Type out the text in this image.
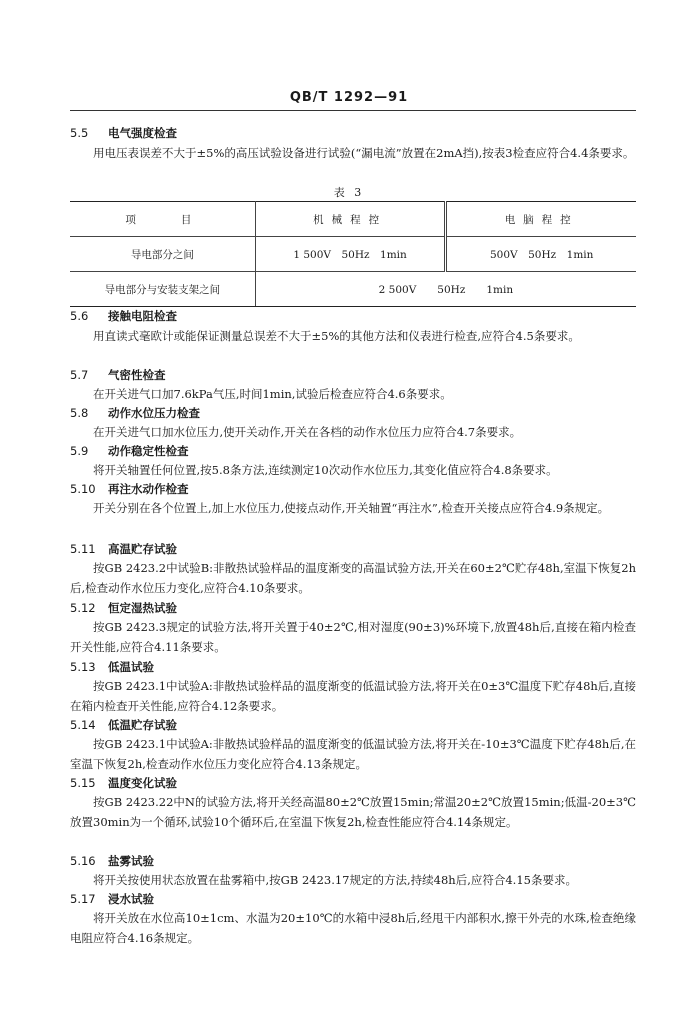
QB/T 1292—91
5.5 电气强度检查

用电压表误差不大于±5%的高压试验设备进行试验(“漏电流”放置在2mA挡),按表3检查应符合4.4条要求。

表 3
项　　目	机械程控	电脑程控
导电部分之间	1 500V　50Hz　1min	500V　50Hz　1min
导电部分与安装支架之间	2 500V　　50Hz　　1min	
5.6 接触电阻检查

用直读式毫欧计或能保证测量总误差不大于±5%的其他方法和仪表进行检查,应符合4.5条要求。

5.7 气密性检查

在开关进气口加7.6kPa气压,时间1min,试验后检查应符合4.6条要求。

5.8 动作水位压力检查

在开关进气口加水位压力,使开关动作,开关在各档的动作水位压力应符合4.7条要求。

5.9 动作稳定性检查

将开关轴置任何位置,按5.8条方法,连续测定10次动作水位压力,其变化值应符合4.8条要求。

5.10 再注水动作检查

开关分别在各个位置上,加上水位压力,使接点动作,开关轴置“再注水”,检查开关接点应符合4.9条规定。

5.11 高温贮存试验

按GB 2423.2中试验B:非散热试验样品的温度渐变的高温试验方法,开关在60±2℃贮存48h,室温下恢复2h后,检查动作水位压力变化,应符合4.10条要求。

5.12 恒定湿热试验

按GB 2423.3规定的试验方法,将开关置于40±2℃,相对湿度(90±3)%环境下,放置48h后,直接在箱内检查开关性能,应符合4.11条要求。

5.13 低温试验

按GB 2423.1中试验A:非散热试验样品的温度渐变的低温试验方法,将开关在0±3℃温度下贮存48h后,直接在箱内检查开关性能,应符合4.12条要求。

5.14 低温贮存试验

按GB 2423.1中试验A:非散热试验样品的温度渐变的低温试验方法,将开关在-10±3℃温度下贮存48h后,在室温下恢复2h,检查动作水位压力变化应符合4.13条规定。

5.15 温度变化试验

按GB 2423.22中N的试验方法,将开关经高温80±2℃放置15min;常温20±2℃放置15min;低温-20±3℃放置30min为一个循环,试验10个循环后,在室温下恢复2h,检查性能应符合4.14条规定。

5.16 盐雾试验

将开关按使用状态放置在盐雾箱中,按GB 2423.17规定的方法,持续48h后,应符合4.15条要求。

5.17 浸水试验

将开关放在水位高10±1cm、水温为20±10℃的水箱中浸8h后,经甩干内部积水,擦干外壳的水珠,检查绝缘电阻应符合4.16条规定。
